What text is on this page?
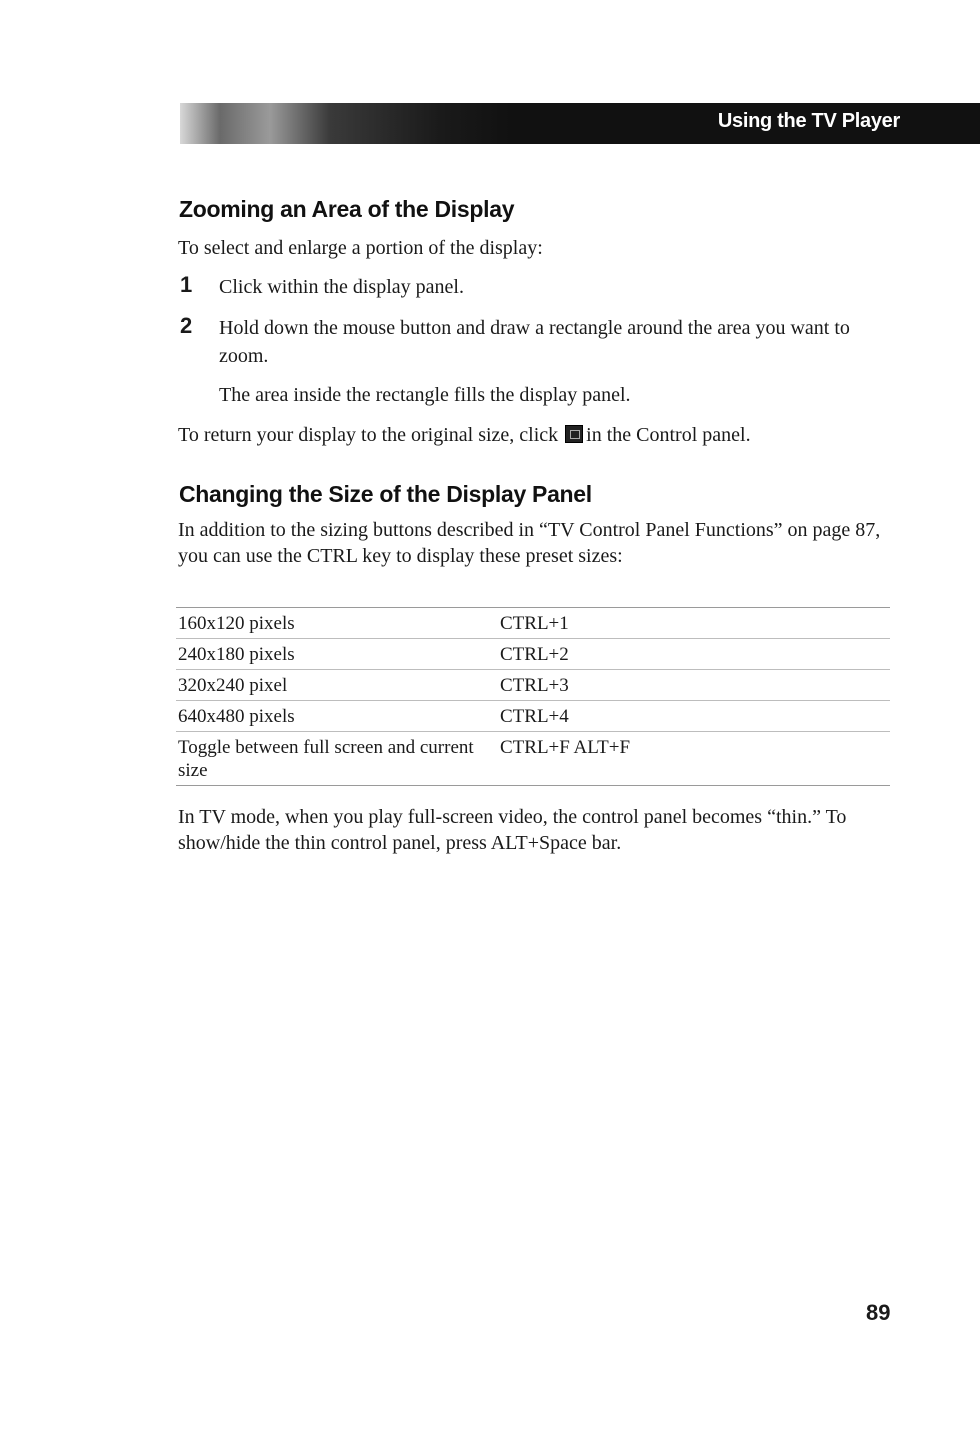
Using the TV Player
Zooming an Area of the Display

To select and enlarge a portion of the display:

1 Click within the display panel.

2 Hold down the mouse button and draw a rectangle around the area you want to zoom.

The area inside the rectangle fills the display panel.

To return your display to the original size, click in the Control panel.

Changing the Size of the Display Panel

In addition to the sizing buttons described in “TV Control Panel Functions” on page 87, you can use the CTRL key to display these preset sizes:

160x120 pixels	CTRL+1
240x180 pixels	CTRL+2
320x240 pixel	CTRL+3
640x480 pixels	CTRL+4
Toggle between full screen and current size	CTRL+F ALT+F

In TV mode, when you play full-screen video, the control panel becomes “thin.” To show/hide the thin control panel, press ALT+Space bar.

89
